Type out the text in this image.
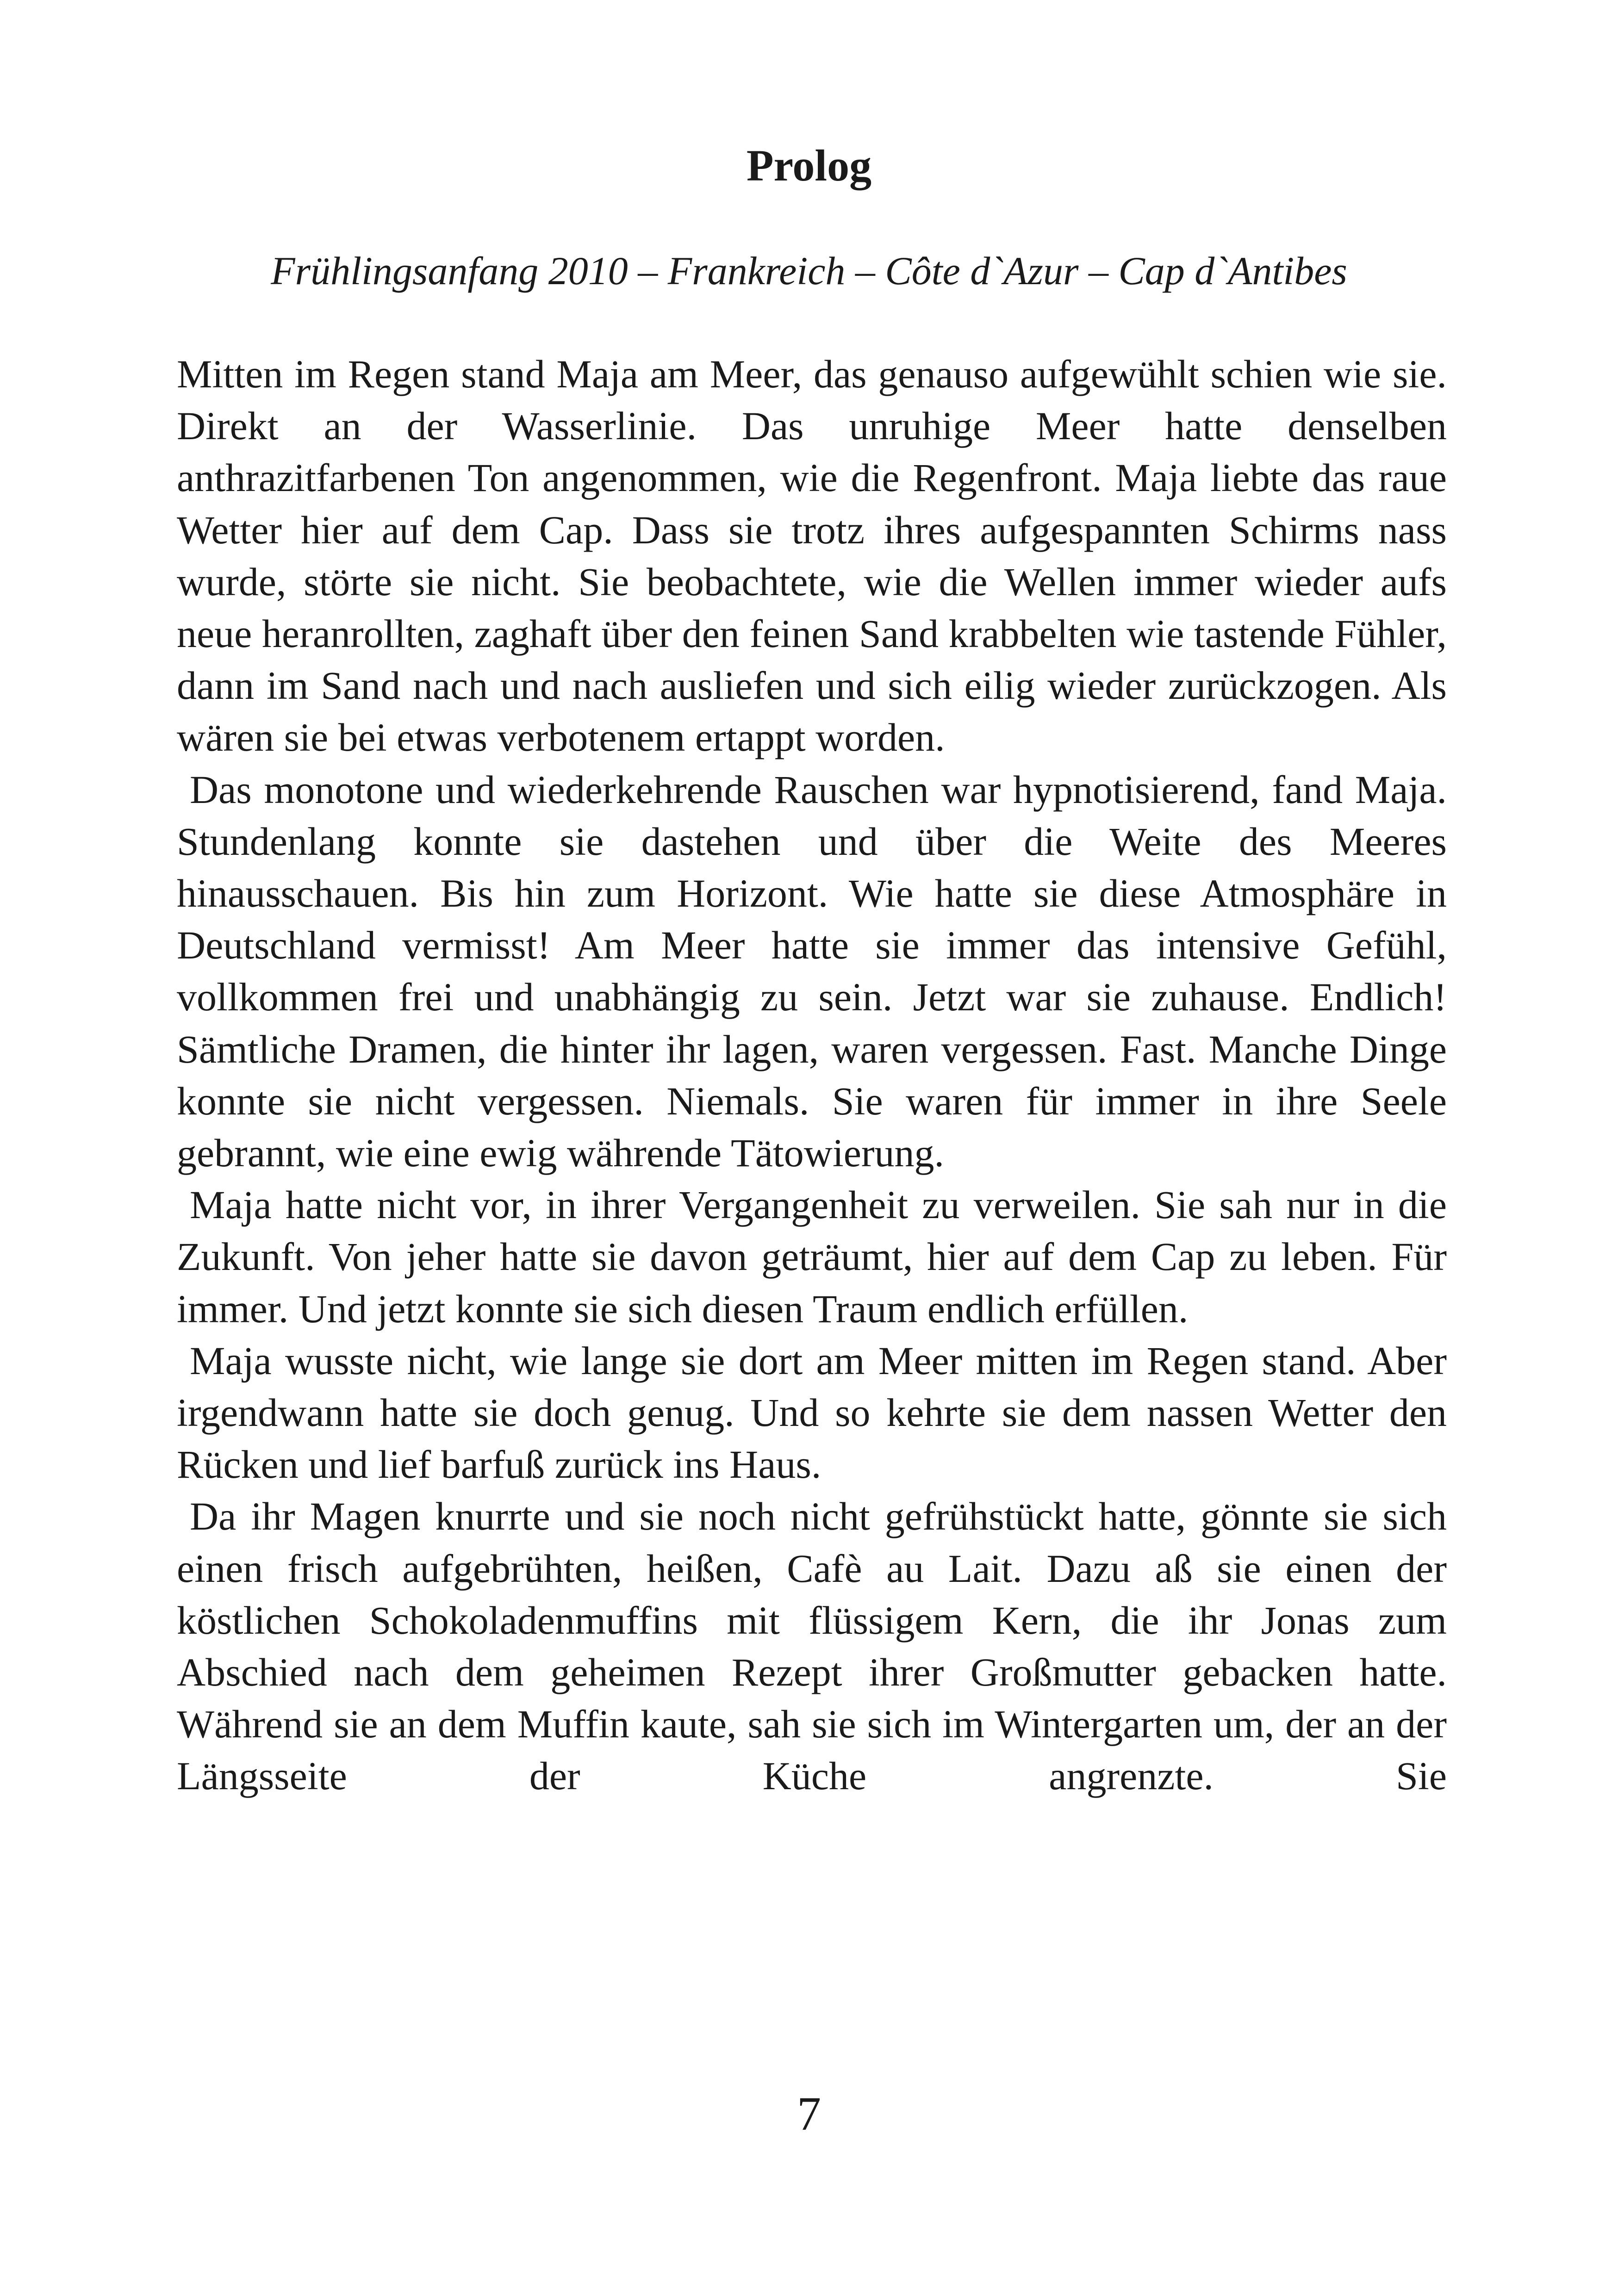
Prolog
Frühlingsanfang 2010 – Frankreich – Côte d`Azur – Cap d`Antibes

Mitten im Regen stand Maja am Meer, das genauso aufgewühlt schien wie sie. Direkt an der Wasserlinie. Das unruhige Meer hatte denselben anthrazitfarbenen Ton angenommen, wie die Regenfront. Maja liebte das raue Wetter hier auf dem Cap. Dass sie trotz ihres aufgespannten Schirms nass wurde, störte sie nicht. Sie beobachtete, wie die Wellen immer wieder aufs neue heranrollten, zaghaft über den feinen Sand krabbelten wie tastende Fühler, dann im Sand nach und nach ausliefen und sich eilig wieder zurückzogen. Als wären sie bei etwas verbotenem ertappt worden.

Das monotone und wiederkehrende Rauschen war hypnotisierend, fand Maja. Stundenlang konnte sie dastehen und über die Weite des Meeres hinausschauen. Bis hin zum Horizont. Wie hatte sie diese Atmosphäre in Deutschland vermisst! Am Meer hatte sie immer das intensive Gefühl, vollkommen frei und unabhängig zu sein. Jetzt war sie zuhause. Endlich! Sämtliche Dramen, die hinter ihr lagen, waren vergessen. Fast. Manche Dinge konnte sie nicht vergessen. Niemals. Sie waren für immer in ihre Seele gebrannt, wie eine ewig währende Tätowierung.

Maja hatte nicht vor, in ihrer Vergangenheit zu verweilen. Sie sah nur in die Zukunft. Von jeher hatte sie davon geträumt, hier auf dem Cap zu leben. Für immer. Und jetzt konnte sie sich diesen Traum endlich erfüllen.

Maja wusste nicht, wie lange sie dort am Meer mitten im Regen stand. Aber irgendwann hatte sie doch genug. Und so kehrte sie dem nassen Wetter den Rücken und lief barfuß zurück ins Haus.

Da ihr Magen knurrte und sie noch nicht gefrühstückt hatte, gönnte sie sich einen frisch aufgebrühten, heißen, Cafè au Lait. Dazu aß sie einen der köstlichen Schokoladenmuffins mit flüssigem Kern, die ihr Jonas zum Abschied nach dem geheimen Rezept ihrer Großmutter gebacken hatte. Während sie an dem Muffin kaute, sah sie sich im Wintergarten um, der an der Längsseite der Küche angrenzte. Sie

7
